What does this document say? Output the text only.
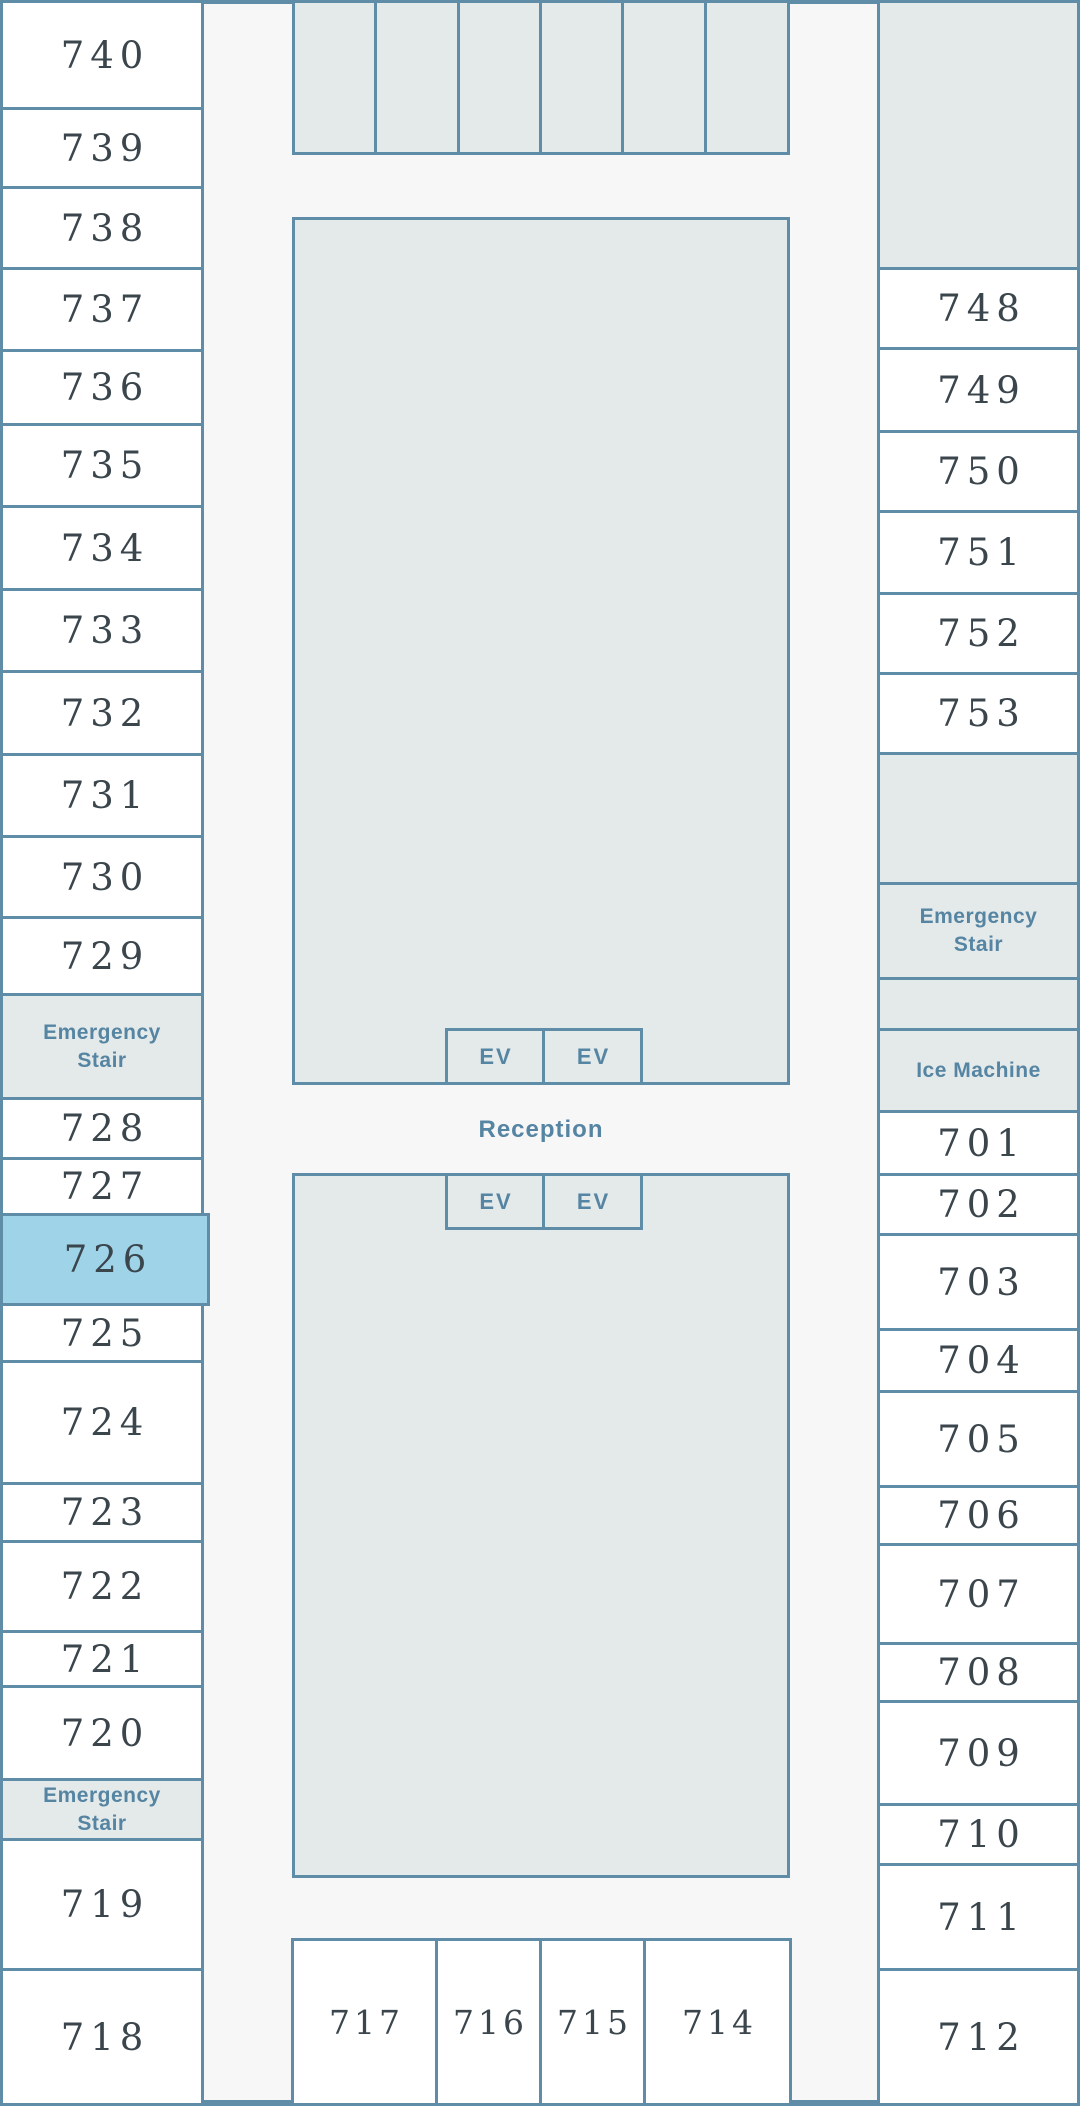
740
739
738
737
736
735
734
733
732
731
730
729
Emergency Stair
728
727
726
725
724
723
722
721
720
Emergency Stair
719
718
748
749
750
751
752
753
Emergency Stair
Ice Machine
701
702
703
704
705
706
707
708
709
710
711
712
EV	EV
EV	EV
Reception
717	716 715	714
